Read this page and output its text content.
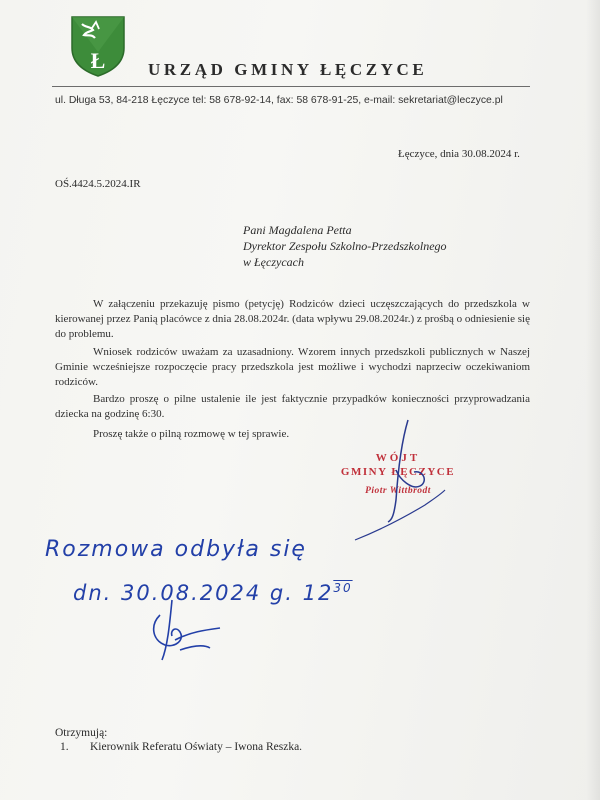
Ł	URZĄD GMINY ŁĘCZYCE
ul. Długa 53, 84-218 Łęczyce tel: 58 678-92-14, fax: 58 678-91-25, e-mail: sekretariat@leczyce.pl
Łęczyce, dnia 30.08.2024 r.
OŚ.4424.5.2024.IR
Pani Magdalena Petta
Dyrektor Zespołu Szkolno-Przedszkolnego
w Łęczycach

W załączeniu przekazuję pismo (petycję) Rodziców dzieci uczęszczających do przedszkola w kierowanej przez Panią placówce z dnia 28.08.2024r. (data wpływu 29.08.2024r.) z prośbą o odniesienie się do problemu.

Wniosek rodziców uważam za uzasadniony. Wzorem innych przedszkoli publicznych w Naszej Gminie wcześniejsze rozpoczęcie pracy przedszkola jest możliwe i wychodzi naprzeciw oczekiwaniom rodziców.

Bardzo proszę o pilne ustalenie ile jest faktycznie przypadków konieczności przyprowadzania dziecka na godzinę 6:30.

Proszę także o pilną rozmowę w tej sprawie.

WÓJT
GMINY ŁĘCZYCE
Piotr Wittbrodt
Rozmowa odbyła się
dn. 30.08.2024 g. $12^{30}$
Otrzymują:
1. Kierownik Referatu Oświaty – Iwona Reszka.
